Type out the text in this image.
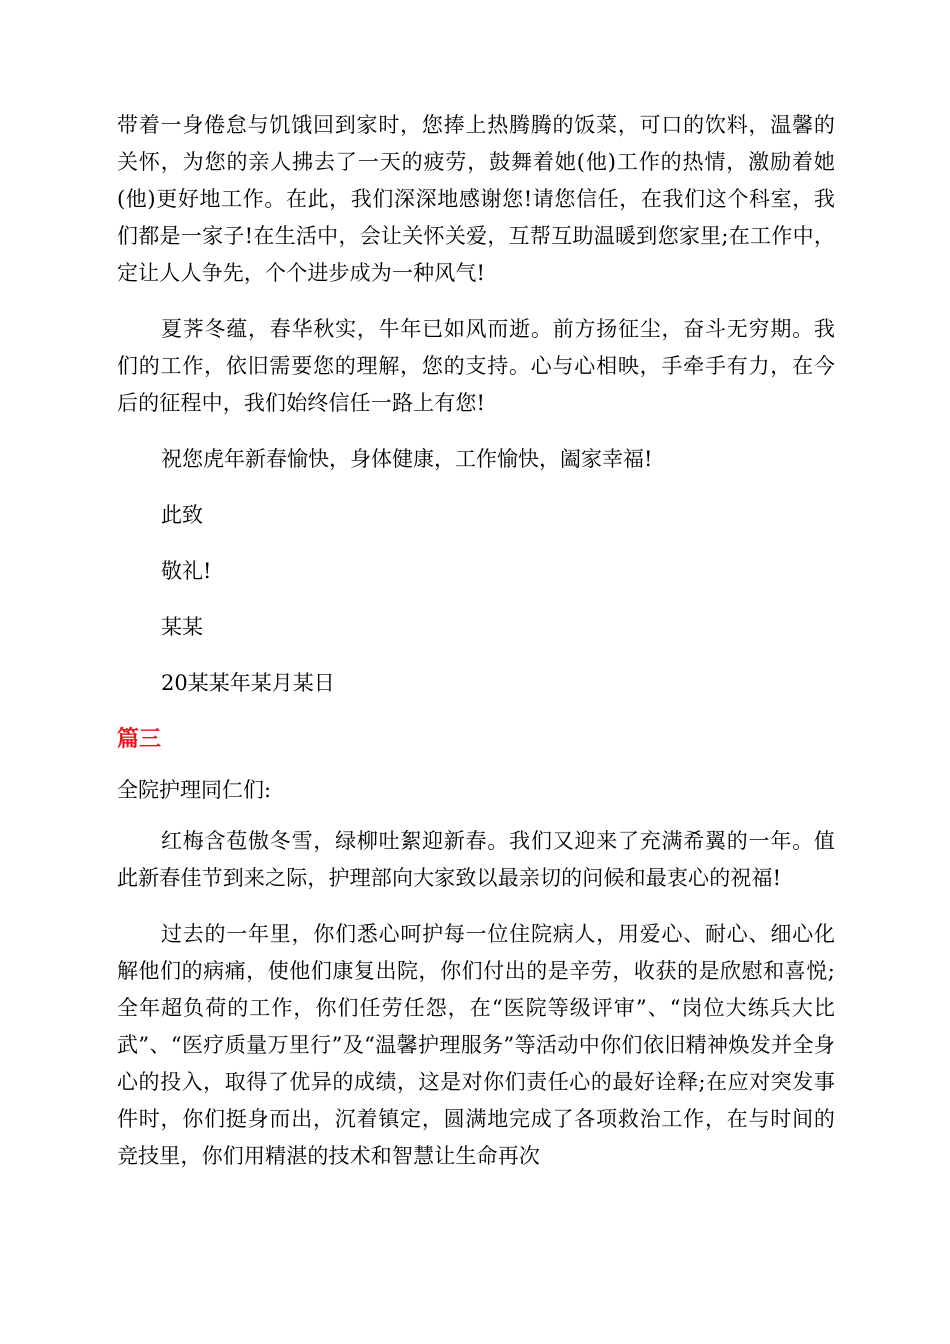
带着一身倦怠与饥饿回到家时，您捧上热腾腾的饭菜，可口的饮料，温馨的关怀，为您的亲人拂去了一天的疲劳，鼓舞着她(他)工作的热情，激励着她(他)更好地工作。在此，我们深深地感谢您!请您信任，在我们这个科室，我们都是一家子!在生活中，会让关怀关爱，互帮互助温暖到您家里;在工作中，定让人人争先，个个进步成为一种风气!

夏荠冬蕴，春华秋实，牛年已如风而逝。前方扬征尘，奋斗无穷期。我们的工作，依旧需要您的理解，您的支持。心与心相映，手牵手有力，在今后的征程中，我们始终信任一路上有您!

祝您虎年新春愉快，身体健康，工作愉快，阖家幸福!

此致

敬礼!

某某

20某某年某月某日

篇三

全院护理同仁们:

红梅含苞傲冬雪，绿柳吐絮迎新春。我们又迎来了充满希翼的一年。值此新春佳节到来之际，护理部向大家致以最亲切的问候和最衷心的祝福!

过去的一年里，你们悉心呵护每一位住院病人，用爱心、耐心、细心化解他们的病痛，使他们康复出院，你们付出的是辛劳，收获的是欣慰和喜悦;全年超负荷的工作，你们任劳任怨，在“医院等级评审”、“岗位大练兵大比武”、“医疗质量万里行”及“温馨护理服务”等活动中你们依旧精神焕发并全身心的投入，取得了优异的成绩，这是对你们责任心的最好诠释;在应对突发事件时，你们挺身而出，沉着镇定，圆满地完成了各项救治工作，在与时间的竞技里，你们用精湛的技术和智慧让生命再次
